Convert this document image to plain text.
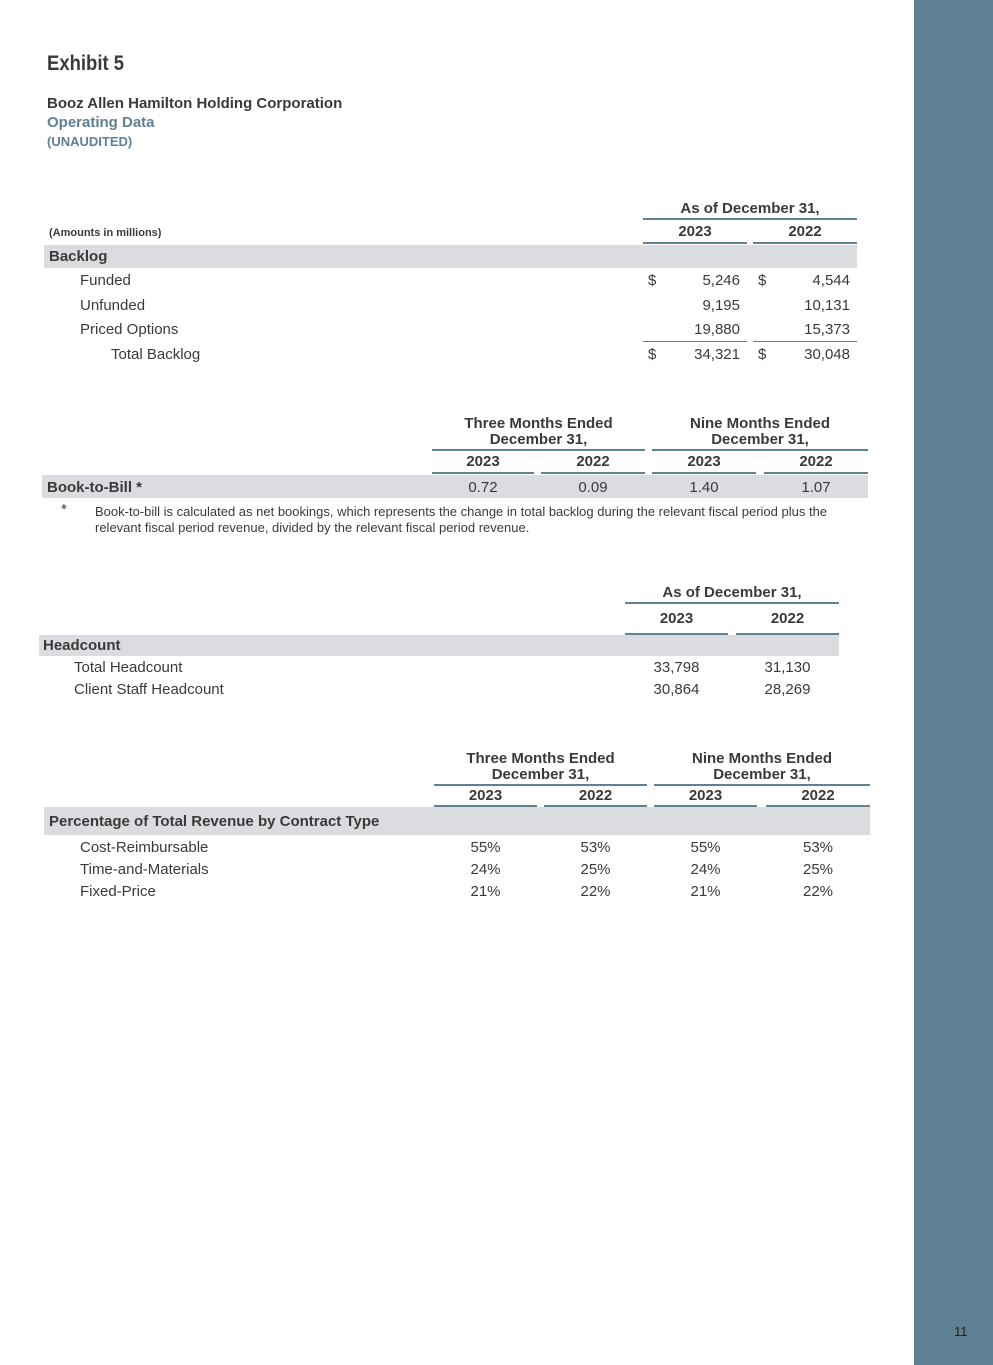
11
Exhibit 5
Booz Allen Hamilton Holding Corporation
Operating Data
(UNAUDITED)
As of December 31,
(Amounts in millions)	2023	2022
Backlog
Funded	$	5,246 $	4,544
Unfunded	9,195	10,131
Priced Options	19,880	15,373
Total Backlog	$	34,321 $	30,048
Three Months Ended December 31,
Nine Months Ended December 31,
2023	2022	2023	2022
Book-to-Bill *	0.72	0.09	1.40	1.07
* Book-to-bill is calculated as net bookings, which represents the change in total backlog during the relevant fiscal period plus the relevant fiscal period revenue, divided by the relevant fiscal period revenue.
As of December 31,
2023	2022
Headcount
Total Headcount	33,798	31,130
Client Staff Headcount	30,864	28,269
Three Months Ended December 31,
Nine Months Ended December 31,
2023	2022	2023	2022
Percentage of Total Revenue by Contract Type
Cost-Reimbursable	55%	53%	55%	53%
Time-and-Materials	24%	25%	24%	25%
Fixed-Price	21%	22%	21%	22%
